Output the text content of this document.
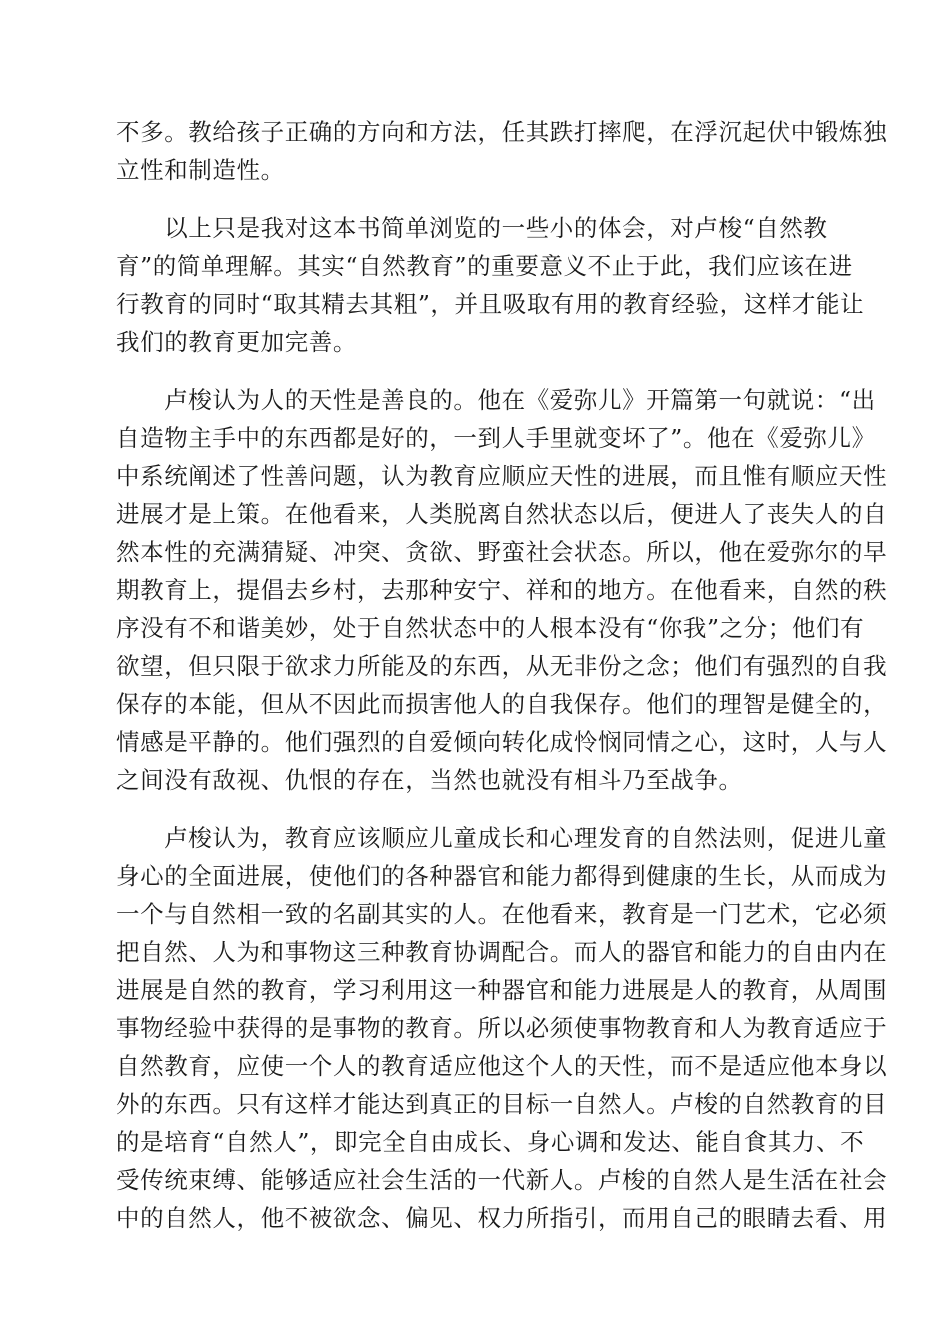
不多。教给孩子正确的方向和方法，任其跌打摔爬，在浮沉起伏中锻炼独
立性和制造性。
　　以上只是我对这本书简单浏览的一些小的体会，对卢梭“自然教
育”的简单理解。其实“自然教育”的重要意义不止于此，我们应该在进
行教育的同时“取其精去其粗”，并且吸取有用的教育经验，这样才能让
我们的教育更加完善。
　　卢梭认为人的天性是善良的。他在《爱弥儿》开篇第一句就说：“出
自造物主手中的东西都是好的，一到人手里就变坏了”。他在《爱弥儿》
中系统阐述了性善问题，认为教育应顺应天性的进展，而且惟有顺应天性
进展才是上策。在他看来，人类脱离自然状态以后，便进人了丧失人的自
然本性的充满猜疑、冲突、贪欲、野蛮社会状态。所以，他在爱弥尔的早
期教育上，提倡去乡村，去那种安宁、祥和的地方。在他看来，自然的秩
序没有不和谐美妙，处于自然状态中的人根本没有“你我”之分；他们有
欲望，但只限于欲求力所能及的东西，从无非份之念；他们有强烈的自我
保存的本能，但从不因此而损害他人的自我保存。他们的理智是健全的，
情感是平静的。他们强烈的自爱倾向转化成怜悯同情之心，这时，人与人
之间没有敌视、仇恨的存在，当然也就没有相斗乃至战争。
　　卢梭认为，教育应该顺应儿童成长和心理发育的自然法则，促进儿童
身心的全面进展，使他们的各种器官和能力都得到健康的生长，从而成为
一个与自然相一致的名副其实的人。在他看来，教育是一门艺术，它必须
把自然、人为和事物这三种教育协调配合。而人的器官和能力的自由内在
进展是自然的教育，学习利用这一种器官和能力进展是人的教育，从周围
事物经验中获得的是事物的教育。所以必须使事物教育和人为教育适应于
自然教育，应使一个人的教育适应他这个人的天性，而不是适应他本身以
外的东西。只有这样才能达到真正的目标一自然人。卢梭的自然教育的目
的是培育“自然人”，即完全自由成长、身心调和发达、能自食其力、不
受传统束缚、能够适应社会生活的一代新人。卢梭的自然人是生活在社会
中的自然人，他不被欲念、偏见、权力所指引，而用自己的眼睛去看、用
